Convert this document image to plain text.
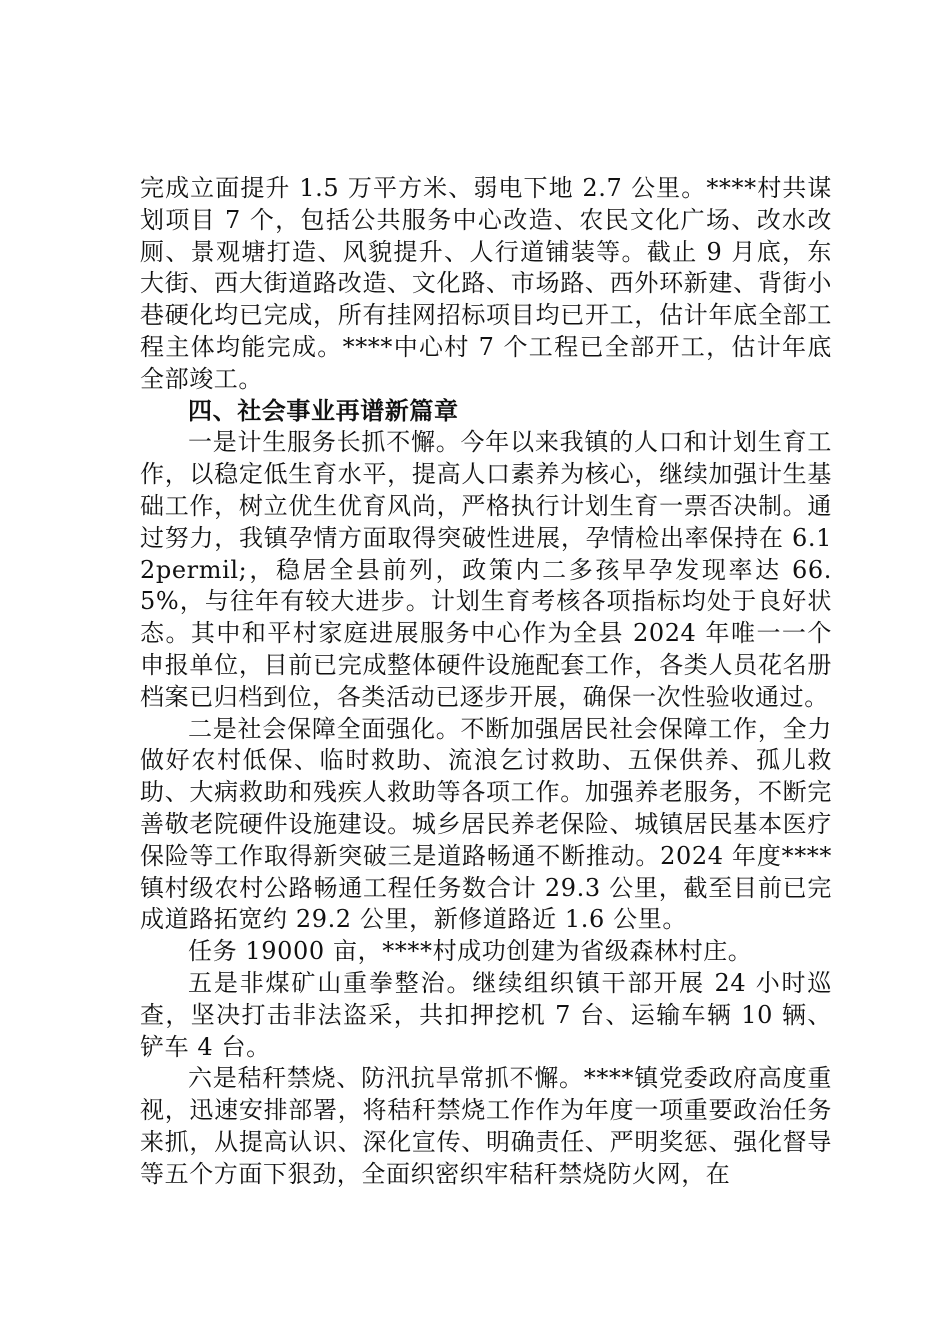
完成立面提升 1.5 万平方米、弱电下地 2.7 公里。****村共谋划项目 7 个，包括公共服务中心改造、农民文化广场、改水改厕、景观塘打造、风貌提升、人行道铺装等。截止 9 月底，东大街、西大街道路改造、文化路、市场路、西外环新建、背街小巷硬化均已完成，所有挂网招标项目均已开工，估计年底全部工程主体均能完成。****中心村 7 个工程已全部开工，估计年底全部竣工。

四、社会事业再谱新篇章

一是计生服务长抓不懈。今年以来我镇的人口和计划生育工作，以稳定低生育水平，提高人口素养为核心，继续加强计生基础工作，树立优生优育风尚，严格执行计划生育一票否决制。通过努力，我镇孕情方面取得突破性进展，孕情检出率保持在 6.12permil;，稳居全县前列，政策内二多孩早孕发现率达 66.5%，与往年有较大进步。计划生育考核各项指标均处于良好状态。其中和平村家庭进展服务中心作为全县 2024 年唯一一个申报单位，目前已完成整体硬件设施配套工作，各类人员花名册档案已归档到位，各类活动已逐步开展，确保一次性验收通过。

二是社会保障全面强化。不断加强居民社会保障工作，全力做好农村低保、临时救助、流浪乞讨救助、五保供养、孤儿救助、大病救助和残疾人救助等各项工作。加强养老服务，不断完善敬老院硬件设施建设。城乡居民养老保险、城镇居民基本医疗保险等工作取得新突破三是道路畅通不断推动。2024 年度****镇村级农村公路畅通工程任务数合计 29.3 公里，截至目前已完成道路拓宽约 29.2 公里，新修道路近 1.6 公里。

任务 19000 亩，****村成功创建为省级森林村庄。

五是非煤矿山重拳整治。继续组织镇干部开展 24 小时巡查，坚决打击非法盗采，共扣押挖机 7 台、运输车辆 10 辆、铲车 4 台。

六是秸秆禁烧、防汛抗旱常抓不懈。****镇党委政府高度重视，迅速安排部署，将秸秆禁烧工作作为年度一项重要政治任务来抓，从提高认识、深化宣传、明确责任、严明奖惩、强化督导等五个方面下狠劲，全面织密织牢秸秆禁烧防火网，在
